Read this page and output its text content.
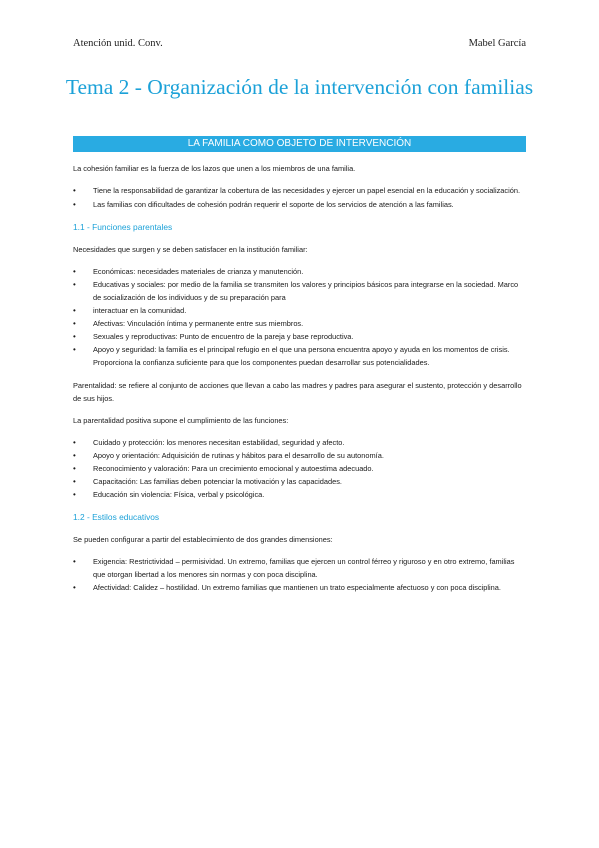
Atención unid. Conv.	Mabel García
Tema 2 - Organización de la intervención con familias
LA FAMILIA COMO OBJETO DE INTERVENCIÓN

La cohesión familiar es la fuerza de los lazos que unen a los miembros de una familia.

• Tiene la responsabilidad de garantizar la cobertura de las necesidades y ejercer un papel esencial en la educación y socialización.
• Las familias con dificultades de cohesión podrán requerir el soporte de los servicios de atención a las familias.
1.1 - Funciones parentales

Necesidades que surgen y se deben satisfacer en la institución familiar:

• Económicas: necesidades materiales de crianza y manutención.
• Educativas y sociales: por medio de la familia se transmiten los valores y principios básicos para integrarse en la sociedad. Marco de socialización de los individuos y de su preparación para
• interactuar en la comunidad.
• Afectivas: Vinculación íntima y permanente entre sus miembros.
• Sexuales y reproductivas: Punto de encuentro de la pareja y base reproductiva.
• Apoyo y seguridad: la familia es el principal refugio en el que una persona encuentra apoyo y ayuda en los momentos de crisis. Proporciona la confianza suficiente para que los componentes puedan desarrollar sus potencialidades.

Parentalidad: se refiere al conjunto de acciones que llevan a cabo las madres y padres para asegurar el sustento, protección y desarrollo de sus hijos.

La parentalidad positiva supone el cumplimiento de las funciones:

• Cuidado y protección: los menores necesitan estabilidad, seguridad y afecto.
• Apoyo y orientación: Adquisición de rutinas y hábitos para el desarrollo de su autonomía.
• Reconocimiento y valoración: Para un crecimiento emocional y autoestima adecuado.
• Capacitación: Las familias deben potenciar la motivación y las capacidades.
• Educación sin violencia: Física, verbal y psicológica.
1.2 - Estilos educativos

Se pueden configurar a partir del establecimiento de dos grandes dimensiones:

• Exigencia: Restrictividad – permisividad. Un extremo, familias que ejercen un control férreo y riguroso y en otro extremo, familias que otorgan libertad a los menores sin normas y con poca disciplina.
• Afectividad: Calidez – hostilidad. Un extremo familias que mantienen un trato especialmente afectuoso y con poca disciplina.
